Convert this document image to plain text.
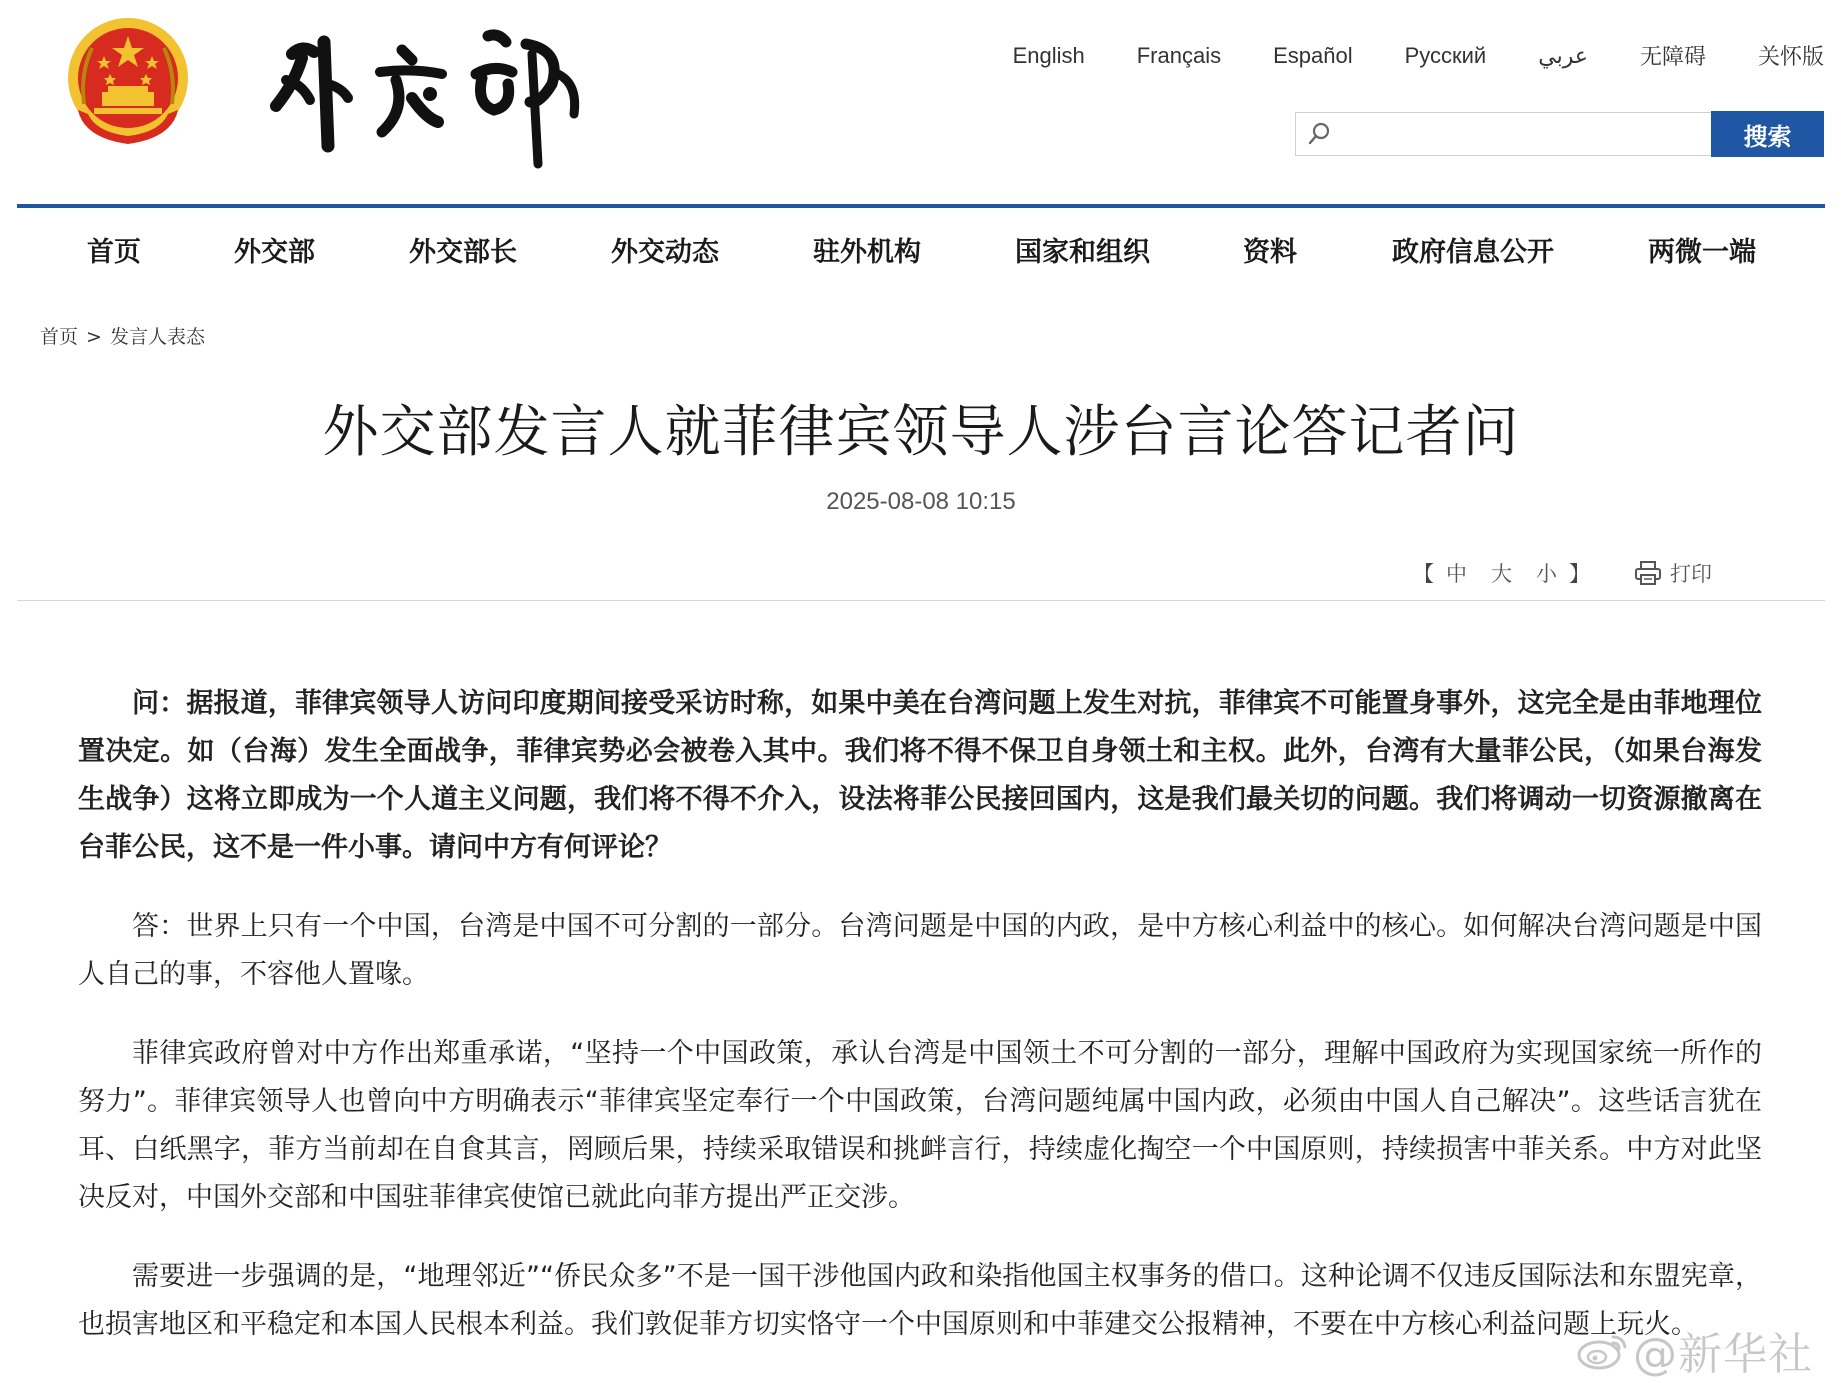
English Français Español Русский عربي 无障碍 关怀版
搜索
首页	外交部	外交部长	外交动态	驻外机构	国家和组织	资料	政府信息公开	两微一端
首页 > 发言人表态
外交部发言人就菲律宾领导人涉台言论答记者问
2025-08-08 10:15
【 中 大 小 】	打印

问：据报道，菲律宾领导人访问印度期间接受采访时称，如果中美在台湾问题上发生对抗，菲律宾不可能置身事外，这完全是由菲地理位置决定。如（台海）发生全面战争，菲律宾势必会被卷入其中。我们将不得不保卫自身领土和主权。此外，台湾有大量菲公民，（如果台海发生战争）这将立即成为一个人道主义问题，我们将不得不介入，设法将菲公民接回国内，这是我们最关切的问题。我们将调动一切资源撤离在台菲公民，这不是一件小事。请问中方有何评论？

答：世界上只有一个中国，台湾是中国不可分割的一部分。台湾问题是中国的内政，是中方核心利益中的核心。如何解决台湾问题是中国人自己的事，不容他人置喙。

菲律宾政府曾对中方作出郑重承诺，“坚持一个中国政策，承认台湾是中国领土不可分割的一部分，理解中国政府为实现国家统一所作的努力”。菲律宾领导人也曾向中方明确表示“菲律宾坚定奉行一个中国政策，台湾问题纯属中国内政，必须由中国人自己解决”。这些话言犹在耳、白纸黑字，菲方当前却在自食其言，罔顾后果，持续采取错误和挑衅言行，持续虚化掏空一个中国原则，持续损害中菲关系。中方对此坚决反对，中国外交部和中国驻菲律宾使馆已就此向菲方提出严正交涉。

需要进一步强调的是，“地理邻近”“侨民众多”不是一国干涉他国内政和染指他国主权事务的借口。这种论调不仅违反国际法和东盟宪章，也损害地区和平稳定和本国人民根本利益。我们敦促菲方切实恪守一个中国原则和中菲建交公报精神，不要在中方核心利益问题上玩火。

@新华社
